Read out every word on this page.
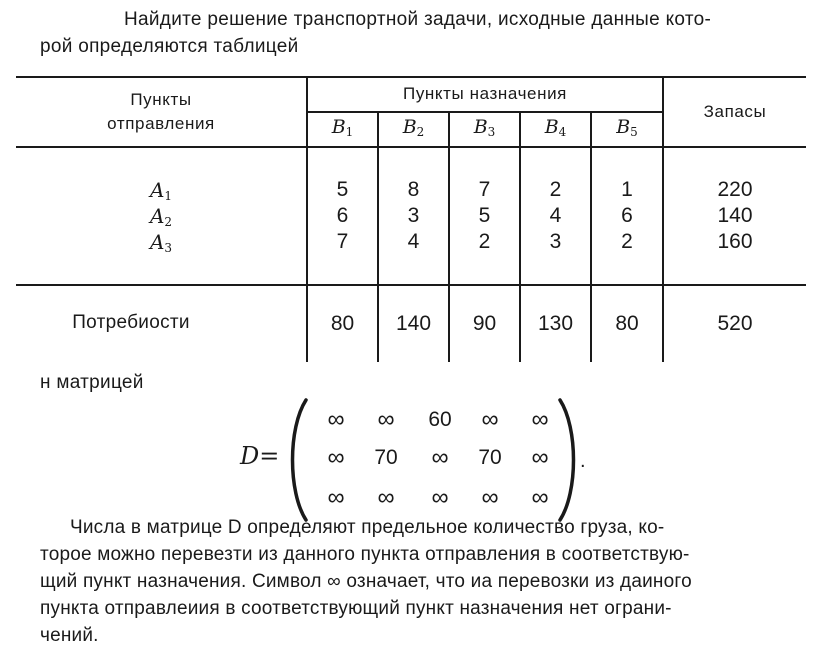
Найдите решение транспортной задачи, исходные данные кото-
рой определяются таблицей
Пункты
отправления
Пункты назначения
Запасы
$B_1$	$B_2$	$B_3$	$B_4$	$B_5$
$A_1$	5	8	7	2	1	220
$A_2$	6	3	5	4	6	140
$A_3$	7	4	2	3	2	160
Потребиости	80	140	90	130	80	520
н матрицей
D=	.
∞	∞	60	∞	∞
∞	70	∞	70	∞
∞	∞	∞	∞	∞
Числа в матрице D определяют предельное количество груза, ко-
торое можно перевезти из данного пункта отправления в соответствую-
щий пункт назначения. Символ ∞ означает, что иа перевозки из даиного
пункта отправлеиия в соответствующий пункт назначения нет ограни-
чений.
